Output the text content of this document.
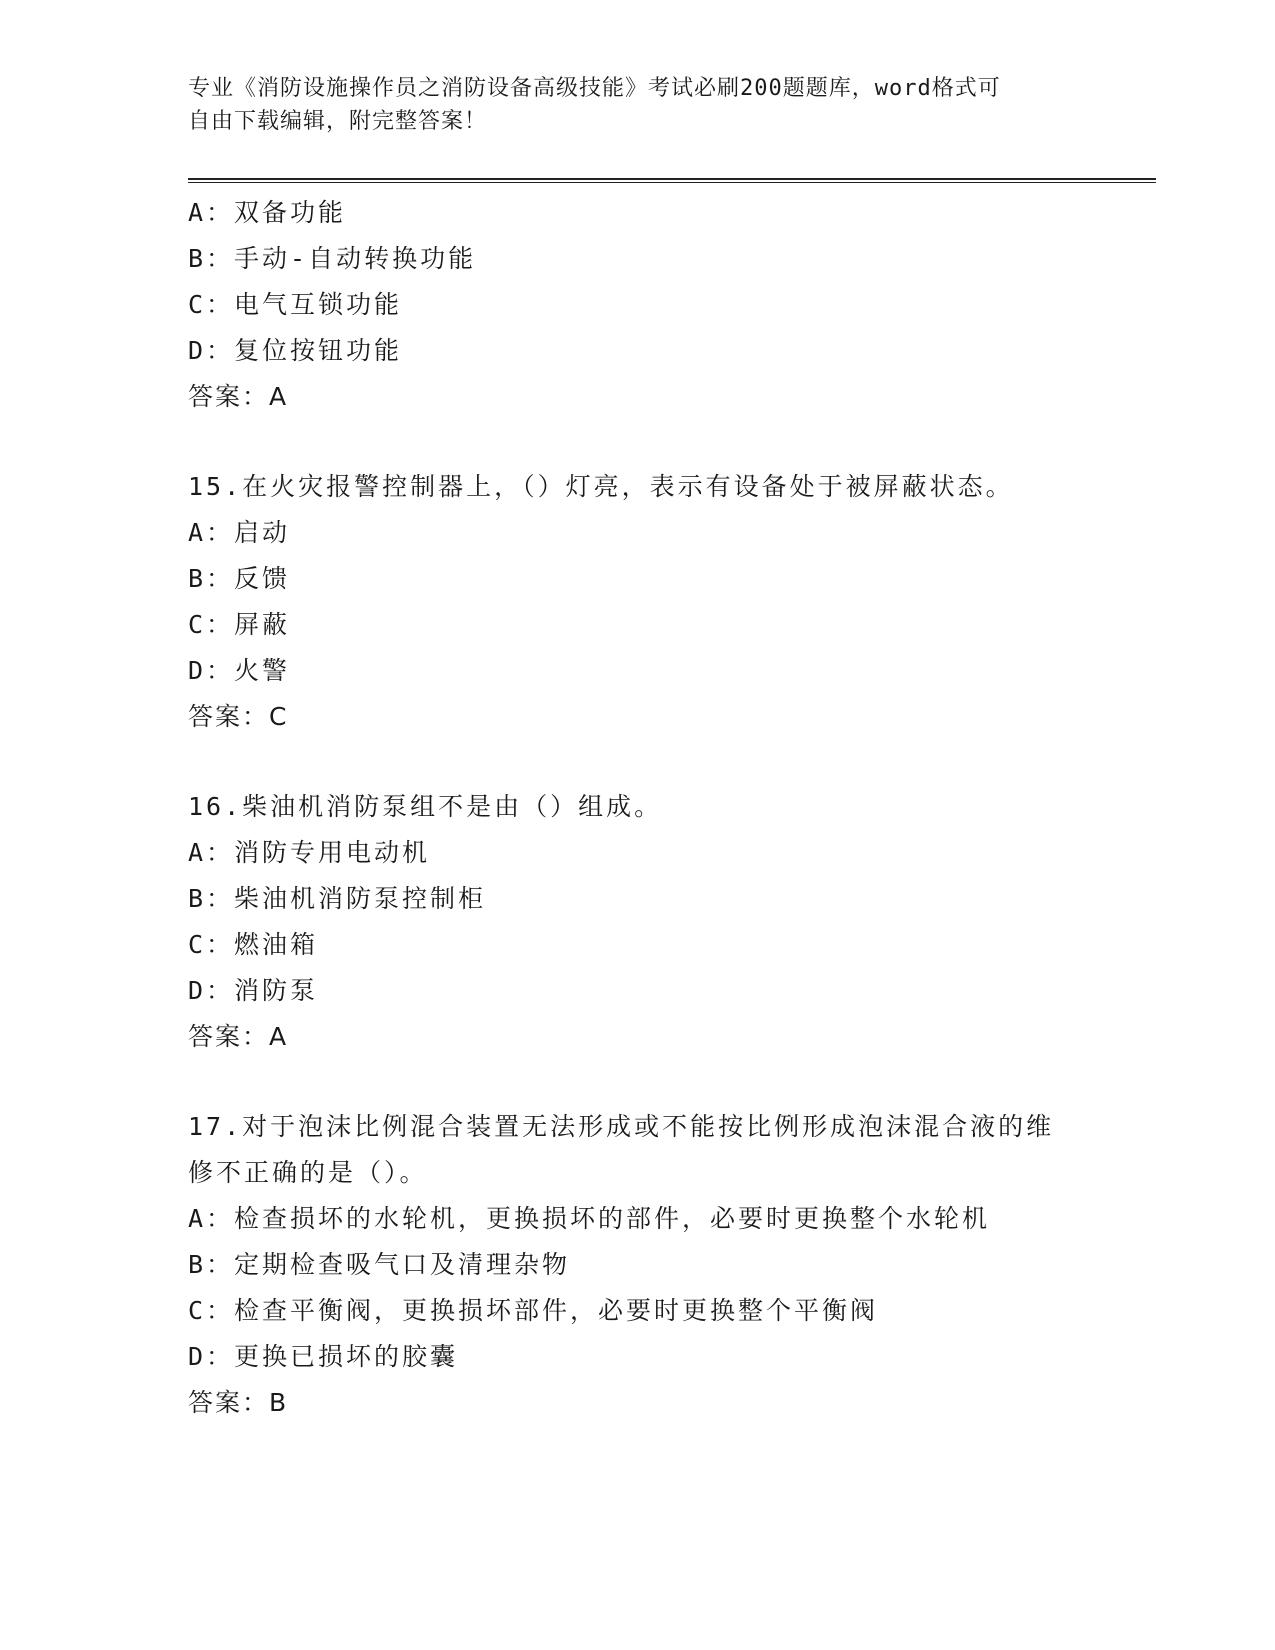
专业《消防设施操作员之消防设备高级技能》考试必刷200题题库，word格式可
自由下载编辑，附完整答案！
A：双备功能
B：手动-自动转换功能
C：电气互锁功能
D：复位按钮功能
答案：A
15.在火灾报警控制器上，（）灯亮，表示有设备处于被屏蔽状态。
A：启动
B：反馈
C：屏蔽
D：火警
答案：C
16.柴油机消防泵组不是由（）组成。
A：消防专用电动机
B：柴油机消防泵控制柜
C：燃油箱
D：消防泵
答案：A
17.对于泡沫比例混合装置无法形成或不能按比例形成泡沫混合液的维
修不正确的是（）。
A：检查损坏的水轮机，更换损坏的部件，必要时更换整个水轮机
B：定期检查吸气口及清理杂物
C：检查平衡阀，更换损坏部件，必要时更换整个平衡阀
D：更换已损坏的胶囊
答案：B
